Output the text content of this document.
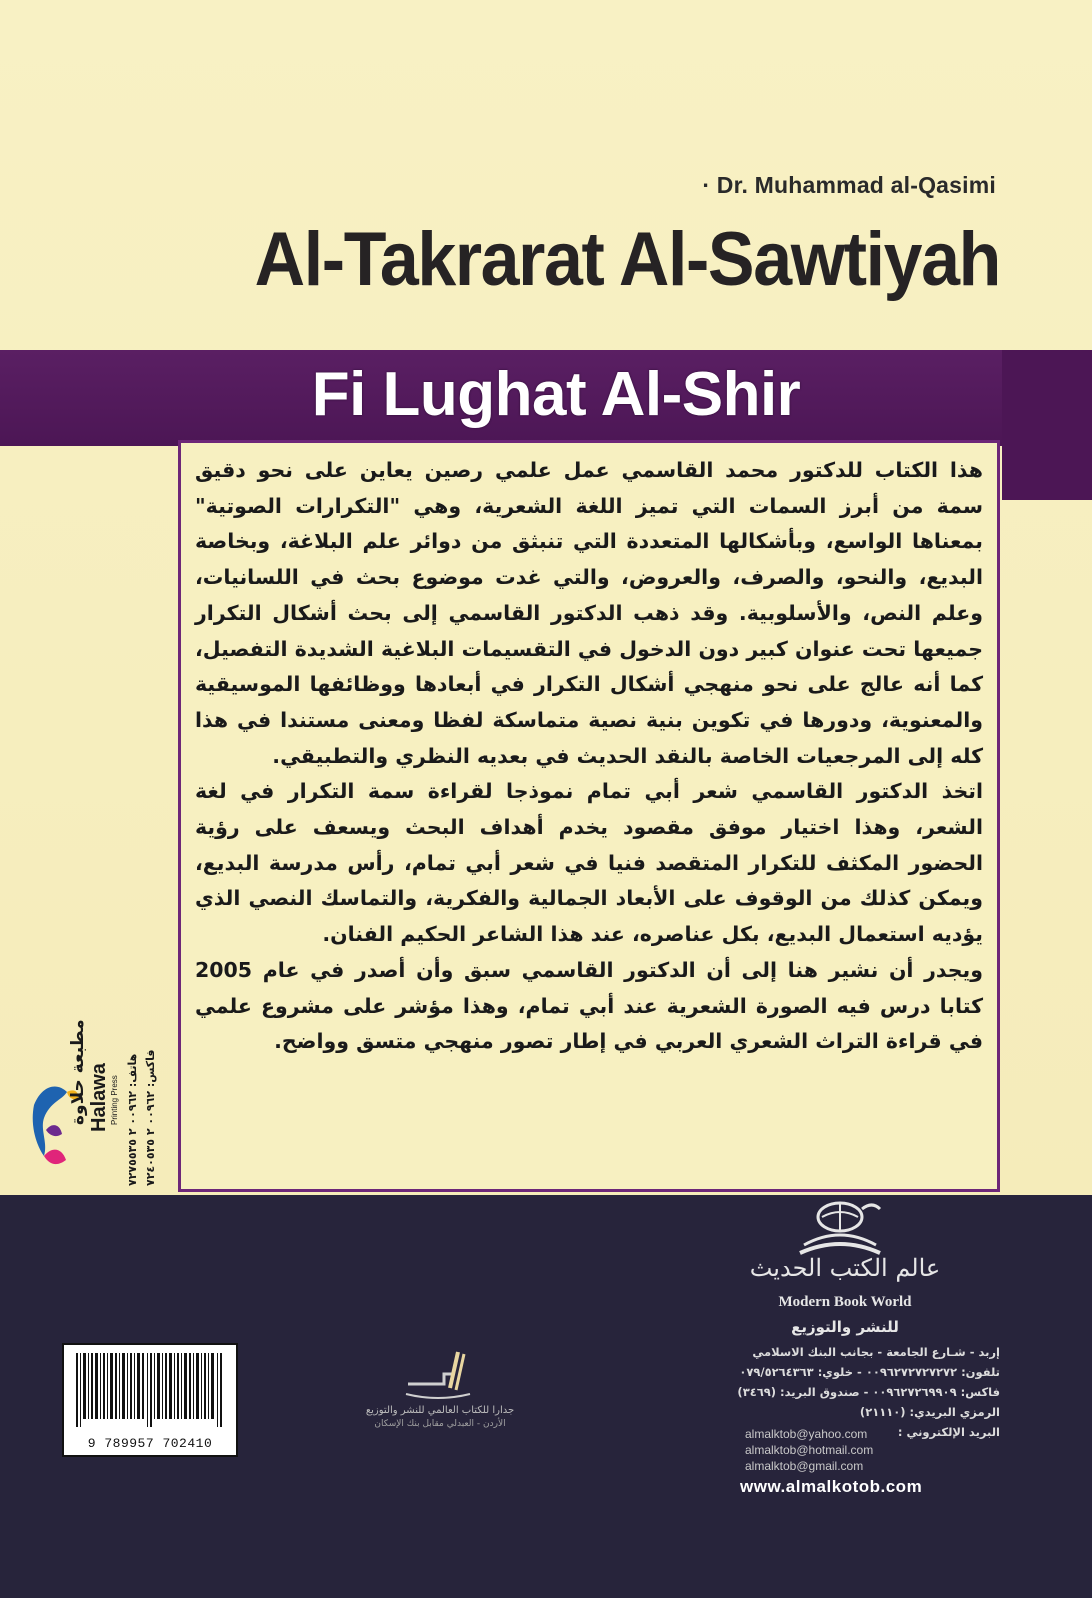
· Dr. Muhammad al-Qasimi
Al-Takrarat Al-Sawtiyah
Fi Lughat Al-Shir

هذا الكتاب للدكتور محمد القاسمي عمل علمي رصين يعاين على نحو دقيق سمة من أبرز السمات التي تميز اللغة الشعرية، وهي "التكرارات الصوتية" بمعناها الواسع، وبأشكالها المتعددة التي تنبثق من دوائر علم البلاغة، وبخاصة البديع، والنحو، والصرف، والعروض، والتي غدت موضوع بحث في اللسانيات، وعلم النص، والأسلوبية. وقد ذهب الدكتور القاسمي إلى بحث أشكال التكرار جميعها تحت عنوان كبير دون الدخول في التقسيمات البلاغية الشديدة التفصيل، كما أنه عالج على نحو منهجي أشكال التكرار في أبعادها ووظائفها الموسيقية والمعنوية، ودورها في تكوين بنية نصية متماسكة لفظا ومعنى مستندا في هذا كله إلى المرجعيات الخاصة بالنقد الحديث في بعديه النظري والتطبيقي.

اتخذ الدكتور القاسمي شعر أبي تمام نموذجا لقراءة سمة التكرار في لغة الشعر، وهذا اختيار موفق مقصود يخدم أهداف البحث ويسعف على رؤية الحضور المكثف للتكرار المتقصد فنيا في شعر أبي تمام، رأس مدرسة البديع، ويمكن كذلك من الوقوف على الأبعاد الجمالية والفكرية، والتماسك النصي الذي يؤديه استعمال البديع، بكل عناصره، عند هذا الشاعر الحكيم الفنان.

ويجدر أن نشير هنا إلى أن الدكتور القاسمي سبق وأن أصدر في عام 2005 كتابا درس فيه الصورة الشعرية عند أبي تمام، وهذا مؤشر على مشروع علمي في قراءة التراث الشعري العربي في إطار تصور منهجي متسق وواضح.

مطبعة حلاوة Halawa Printing Press
هاتف: ٠٠٩٦٢ ٢ ٧٢٧٥٥٣٥
فاكس: ٠٠٩٦٢ ٢ ٧٢٤٠٥٣٥
9 789957 702410
جدارا للكتاب العالمي للنشر والتوزيع
الأردن - العبدلي مقابل بنك الإسكان
عالم الكتب الحديث
Modern Book World
للنشر والتوزيع
إربد - شـارع الجامعة - بجانب البنك الاسلامي
تلفون: ٠٠٩٦٢٧٢٧٢٧٢٧٢ - خلوي: ٠٧٩/٥٢٦٤٣٦٣
فاكس: ٠٠٩٦٢٧٢٦٩٩٠٩ - صندوق البريد: (٣٤٦٩)
الرمزي البريدي: (٢١١١٠)
البريد الإلكتروني :
almalktob@yahoo.com
almalktob@hotmail.com
almalktob@gmail.com
www.almalkotob.com
